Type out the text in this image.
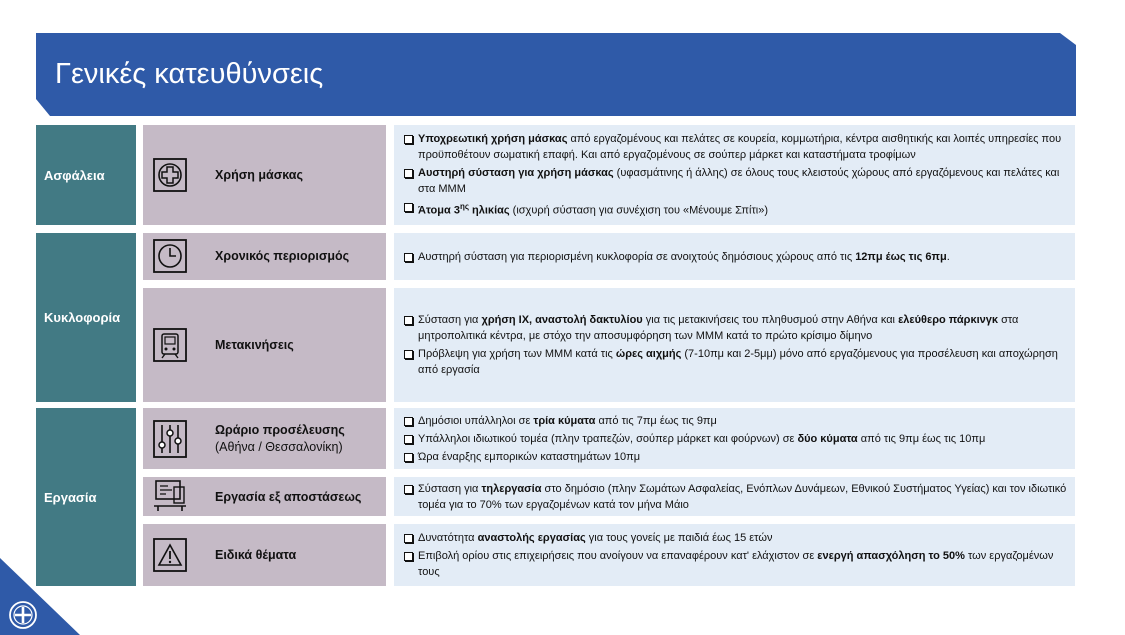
Γενικές κατευθύνσεις
Ασφάλεια
Κυκλοφορία
Εργασία
Χρήση μάσκας
Υποχρεωτική χρήση μάσκας από εργαζομένους και πελάτες σε κουρεία, κομμωτήρια, κέντρα αισθητικής και λοιπές υπηρεσίες που προϋποθέτουν σωματική επαφή. Και από εργαζομένους σε σούπερ μάρκετ και καταστήματα τροφίμων
Αυστηρή σύσταση για χρήση μάσκας (υφασμάτινης ή άλλης) σε όλους τους κλειστούς χώρους από εργαζόμενους και πελάτες και στα ΜΜΜ
Άτομα $3^{\eta\varsigma}$ ηλικίας (ισχυρή σύσταση για συνέχιση του «Μένουμε Σπίτι»)
Χρονικός περιορισμός	Αυστηρή σύσταση για περιορισμένη κυκλοφορία σε ανοιχτούς δημόσιους χώρους από τις 12πμ έως τις 6πμ.
Μετακινήσεις
Σύσταση για χρήση ΙΧ, αναστολή δακτυλίου για τις μετακινήσεις του πληθυσμού στην Αθήνα και ελεύθερο πάρκινγκ στα μητροπολιτικά κέντρα, με στόχο την αποσυμφόρηση των ΜΜΜ κατά το πρώτο κρίσιμο δίμηνο
Πρόβλεψη για χρήση των ΜΜΜ κατά τις ώρες αιχμής (7-10πμ και 2-5μμ) μόνο από εργαζόμενους για προσέλευση και αποχώρηση από εργασία
Ωράριο προσέλευσης
(Αθήνα / Θεσσαλονίκη)
Δημόσιοι υπάλληλοι σε τρία κύματα από τις 7πμ έως τις 9πμ
Υπάλληλοι ιδιωτικού τομέα (πλην τραπεζών, σούπερ μάρκετ και φούρνων) σε δύο κύματα από τις 9πμ έως τις 10πμ
Ώρα έναρξης εμπορικών καταστημάτων 10πμ
Εργασία εξ αποστάσεως
Σύσταση για τηλεργασία στο δημόσιο (πλην Σωμάτων Ασφαλείας, Ενόπλων Δυνάμεων, Εθνικού Συστήματος Υγείας) και τον ιδιωτικό τομέα για το 70% των εργαζομένων κατά τον μήνα Μάιο
Ειδικά θέματα
Δυνατότητα αναστολής εργασίας για τους γονείς με παιδιά έως 15 ετών
Επιβολή ορίου στις επιχειρήσεις που ανοίγουν να επαναφέρουν κατ' ελάχιστον σε ενεργή απασχόληση το 50% των εργαζομένων τους
